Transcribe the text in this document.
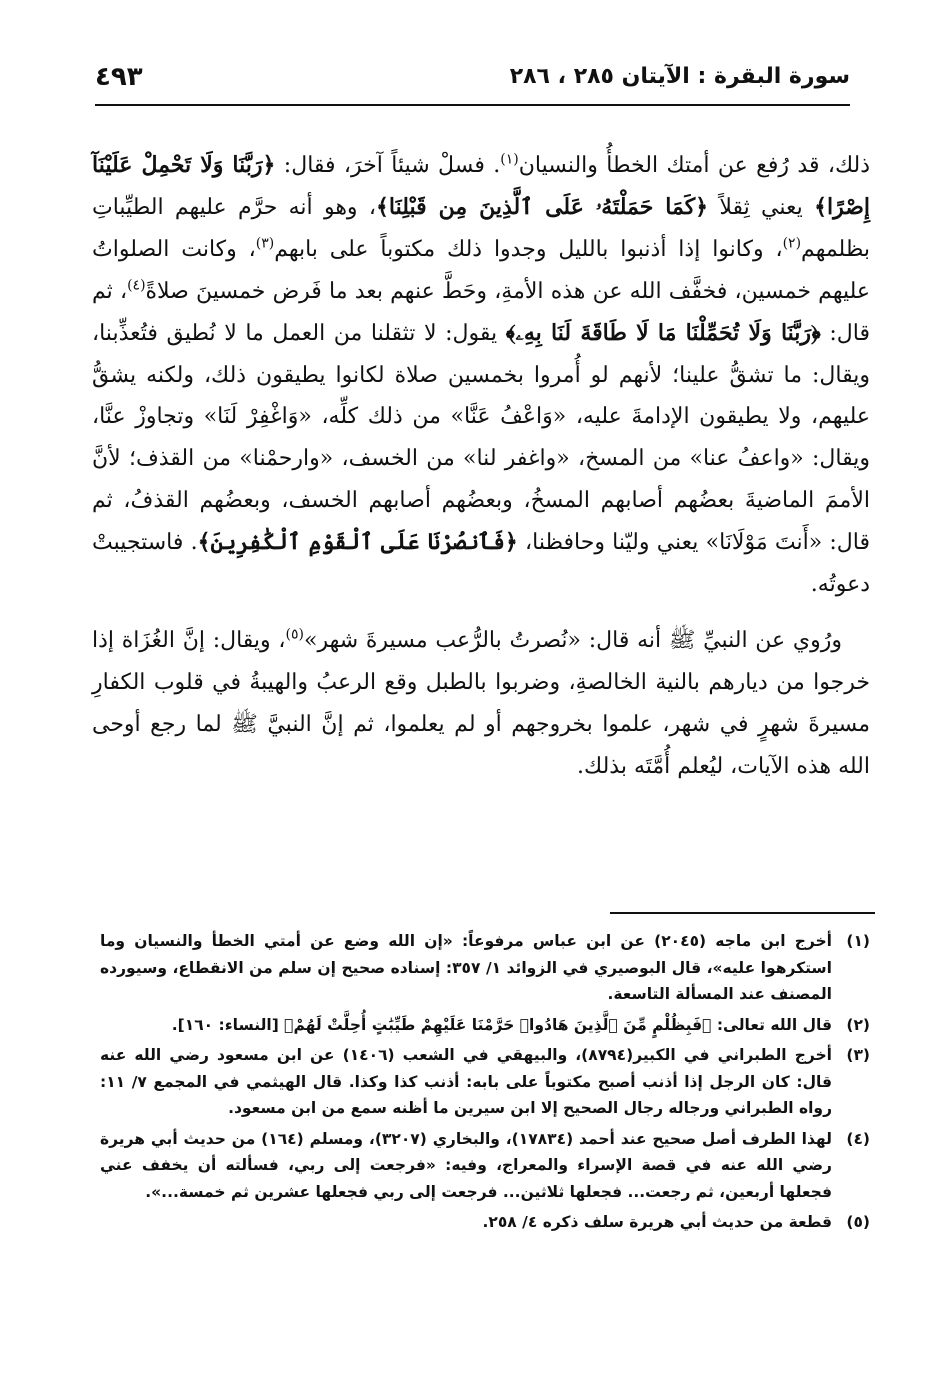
سورة البقرة : الآيتان ٢٨٥ ، ٢٨٦
٤٩٣

ذلك، قد رُفع عن أمتك الخطأُ والنسيان$^{(١)}$. فسلْ شيئاً آخرَ، فقال: ﴿رَبَّنَا وَلَا تَحْمِلْ عَلَيْنَآ إِصْرًا﴾ يعني ثِقلاً ﴿كَمَا حَمَلْتَهُۥ عَلَى ٱلَّذِينَ مِن قَبْلِنَا﴾، وهو أنه حرَّم عليهم الطيِّباتِ بظلمهم$^{(٢)}$، وكانوا إذا أذنبوا بالليل وجدوا ذلك مكتوباً على بابهم$^{(٣)}$، وكانت الصلواتُ عليهم خمسين، فخفَّف الله عن هذه الأمةِ، وحَطَّ عنهم بعد ما فَرض خمسينَ صلاةً$^{(٤)}$، ثم قال: ﴿رَبَّنَا وَلَا تُحَمِّلْنَا مَا لَا طَاقَةَ لَنَا بِهِۦ﴾ يقول: لا تثقلنا من العمل ما لا نُطيق فتُعذِّبنا، ويقال: ما تشقُّ علينا؛ لأنهم لو أُمروا بخمسين صلاة لكانوا يطيقون ذلك، ولكنه يشقُّ عليهم، ولا يطيقون الإدامةَ عليه، «وَاعْفُ عَنَّا» من ذلك كلِّه، «وَاغْفِرْ لَنَا» وتجاوزْ عنَّا، ويقال: «واعفُ عنا» من المسخ، «واغفر لنا» من الخسف، «وارحمْنا» من القذف؛ لأنَّ الأممَ الماضيةَ بعضُهم أصابهم المسخُ، وبعضُهم أصابهم الخسف، وبعضُهم القذفُ، ثم قال: «أَنتَ مَوْلَانَا» يعني وليّنا وحافظنا، ﴿فَٱنصُرْنَا عَلَى ٱلْقَوْمِ ٱلْكَٰفِرِينَ﴾. فاستجيبتْ دعوتُه.

ورُوي عن النبيِّ ﷺ أنه قال: «نُصرتُ بالرُّعب مسيرةَ شهر»$^{(٥)}$، ويقال: إنَّ الغُزَاة إذا خرجوا من ديارهم بالنية الخالصةِ، وضربوا بالطبل وقع الرعبُ والهيبةُ في قلوب الكفارِ مسيرةَ شهرٍ في شهر، علموا بخروجهم أو لم يعلموا، ثم إنَّ النبيَّ ﷺ لما رجع أوحى الله هذه الآيات، ليُعلم أُمَّتَه بذلك.

(١)
أخرج ابن ماجه (٢٠٤٥) عن ابن عباس مرفوعاً: «إن الله وضع عن أمتي الخطأ والنسيان وما استكرهوا عليه»، قال البوصيري في الزوائد ١/ ٣٥٧: إسناده صحيح إن سلم من الانقطاع، وسيورده المصنف عند المسألة التاسعة.
(٢)
قال الله تعالى: ﴿فَبِظُلْمٍ مِّنَ ٱلَّذِينَ هَادُوا۟ حَرَّمْنَا عَلَيْهِمْ طَيِّبَٰتٍ أُحِلَّتْ لَهُمْ﴾ [النساء: ١٦٠].
(٣)
أخرج الطبراني في الكبير(٨٧٩٤)، والبيهقي في الشعب (١٤٠٦) عن ابن مسعود رضي الله عنه قال: كان الرجل إذا أذنب أصبح مكتوباً على بابه: أذنب كذا وكذا. قال الهيثمي في المجمع ٧/ ١١: رواه الطبراني ورجاله رجال الصحيح إلا ابن سيرين ما أظنه سمع من ابن مسعود.
(٤)
لهذا الطرف أصل صحيح عند أحمد (١٧٨٣٤)، والبخاري (٣٢٠٧)، ومسلم (١٦٤) من حديث أبي هريرة رضي الله عنه في قصة الإسراء والمعراج، وفيه: «فرجعت إلى ربي، فسألته أن يخفف عني فجعلها أربعين، ثم رجعت... فجعلها ثلاثين... فرجعت إلى ربي فجعلها عشرين ثم خمسة...».
(٥)
قطعة من حديث أبي هريرة سلف ذكره ٤/ ٢٥٨.
